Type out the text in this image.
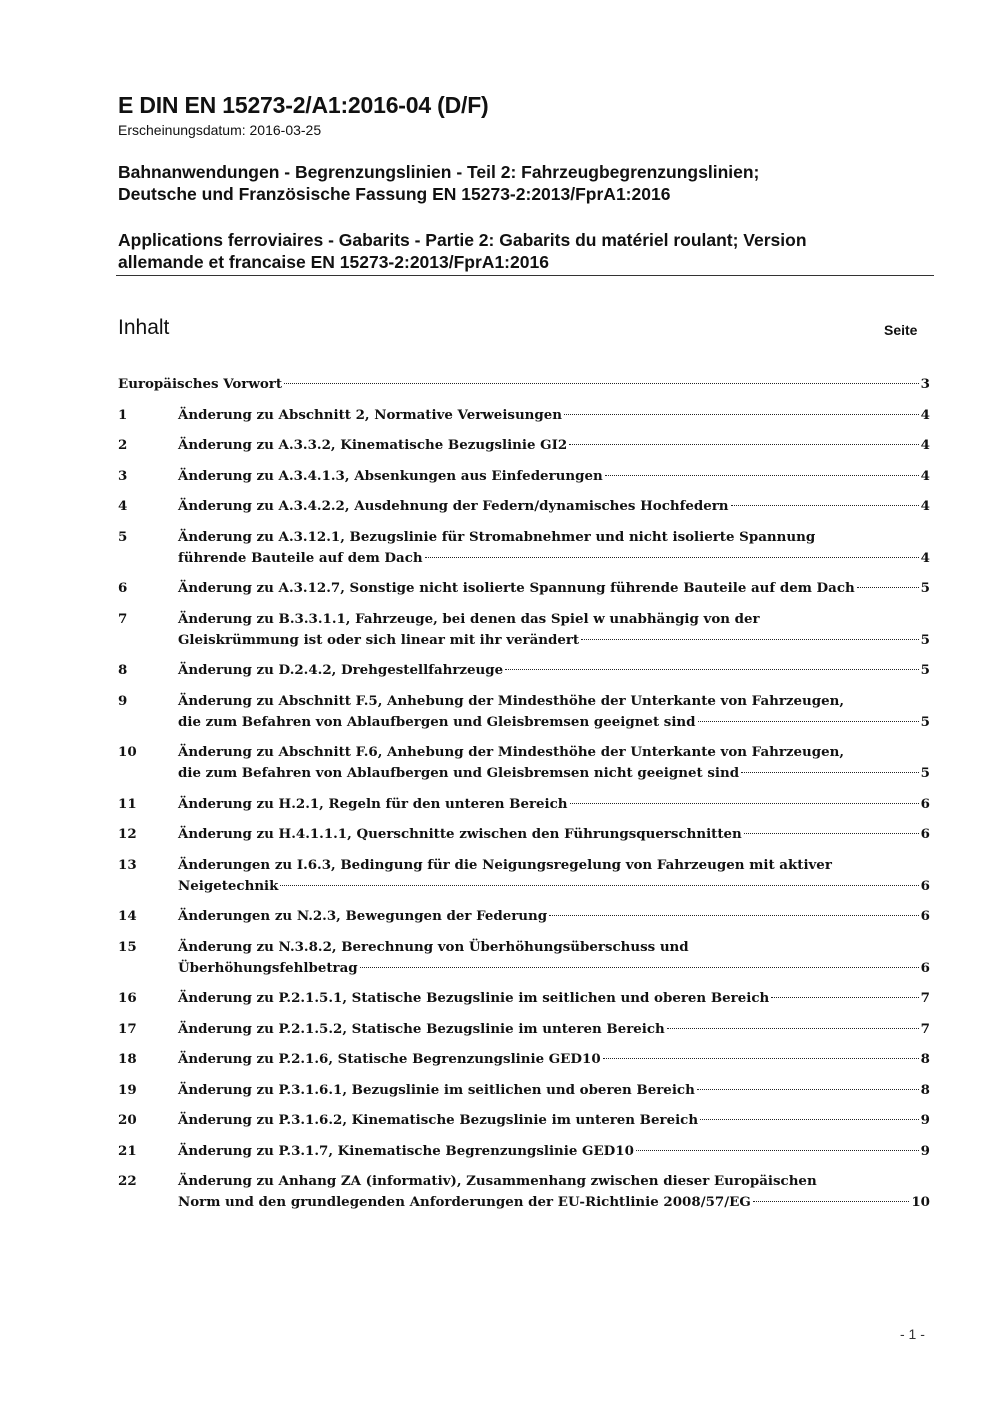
E DIN EN 15273-2/A1:2016-04 (D/F)
Erscheinungsdatum: 2016-03-25
Bahnanwendungen - Begrenzungslinien - Teil 2: Fahrzeugbegrenzungslinien;
Deutsche und Französische Fassung EN 15273-2:2013/FprA1:2016
Applications ferroviaires - Gabarits - Partie 2: Gabarits du matériel roulant; Version
allemande et francaise EN 15273-2:2013/FprA1:2016
Inhalt	Seite
Europäisches Vorwort	3
1	Änderung zu Abschnitt 2, Normative Verweisungen	4
2	Änderung zu A.3.3.2, Kinematische Bezugslinie GI2	4
3	Änderung zu A.3.4.1.3, Absenkungen aus Einfederungen	4
4	Änderung zu A.3.4.2.2, Ausdehnung der Federn/dynamisches Hochfedern	4
5	Änderung zu A.3.12.1, Bezugslinie für Stromabnehmer und nicht isolierte Spannung
führende Bauteile auf dem Dach	4
6	Änderung zu A.3.12.7, Sonstige nicht isolierte Spannung führende Bauteile auf dem Dach	5
7	Änderung zu B.3.3.1.1, Fahrzeuge, bei denen das Spiel w unabhängig von der
Gleiskrümmung ist oder sich linear mit ihr verändert	5
8	Änderung zu D.2.4.2, Drehgestellfahrzeuge	5
9	Änderung zu Abschnitt F.5, Anhebung der Mindesthöhe der Unterkante von Fahrzeugen,
die zum Befahren von Ablaufbergen und Gleisbremsen geeignet sind	5
10	Änderung zu Abschnitt F.6, Anhebung der Mindesthöhe der Unterkante von Fahrzeugen,
die zum Befahren von Ablaufbergen und Gleisbremsen nicht geeignet sind	5
11	Änderung zu H.2.1, Regeln für den unteren Bereich	6
12	Änderung zu H.4.1.1.1, Querschnitte zwischen den Führungsquerschnitten	6
13	Änderungen zu I.6.3, Bedingung für die Neigungsregelung von Fahrzeugen mit aktiver
Neigetechnik	6
14	Änderungen zu N.2.3, Bewegungen der Federung	6
15	Änderung zu N.3.8.2, Berechnung von Überhöhungsüberschuss und
Überhöhungsfehlbetrag	6
16	Änderung zu P.2.1.5.1, Statische Bezugslinie im seitlichen und oberen Bereich	7
17	Änderung zu P.2.1.5.2, Statische Bezugslinie im unteren Bereich	7
18	Änderung zu P.2.1.6, Statische Begrenzungslinie GED10	8
19	Änderung zu P.3.1.6.1, Bezugslinie im seitlichen und oberen Bereich	8
20	Änderung zu P.3.1.6.2, Kinematische Bezugslinie im unteren Bereich	9
21	Änderung zu P.3.1.7, Kinematische Begrenzungslinie GED10	9
22	Änderung zu Anhang ZA (informativ), Zusammenhang zwischen dieser Europäischen
Norm und den grundlegenden Anforderungen der EU-Richtlinie 2008/57/EG	10
- 1 -
